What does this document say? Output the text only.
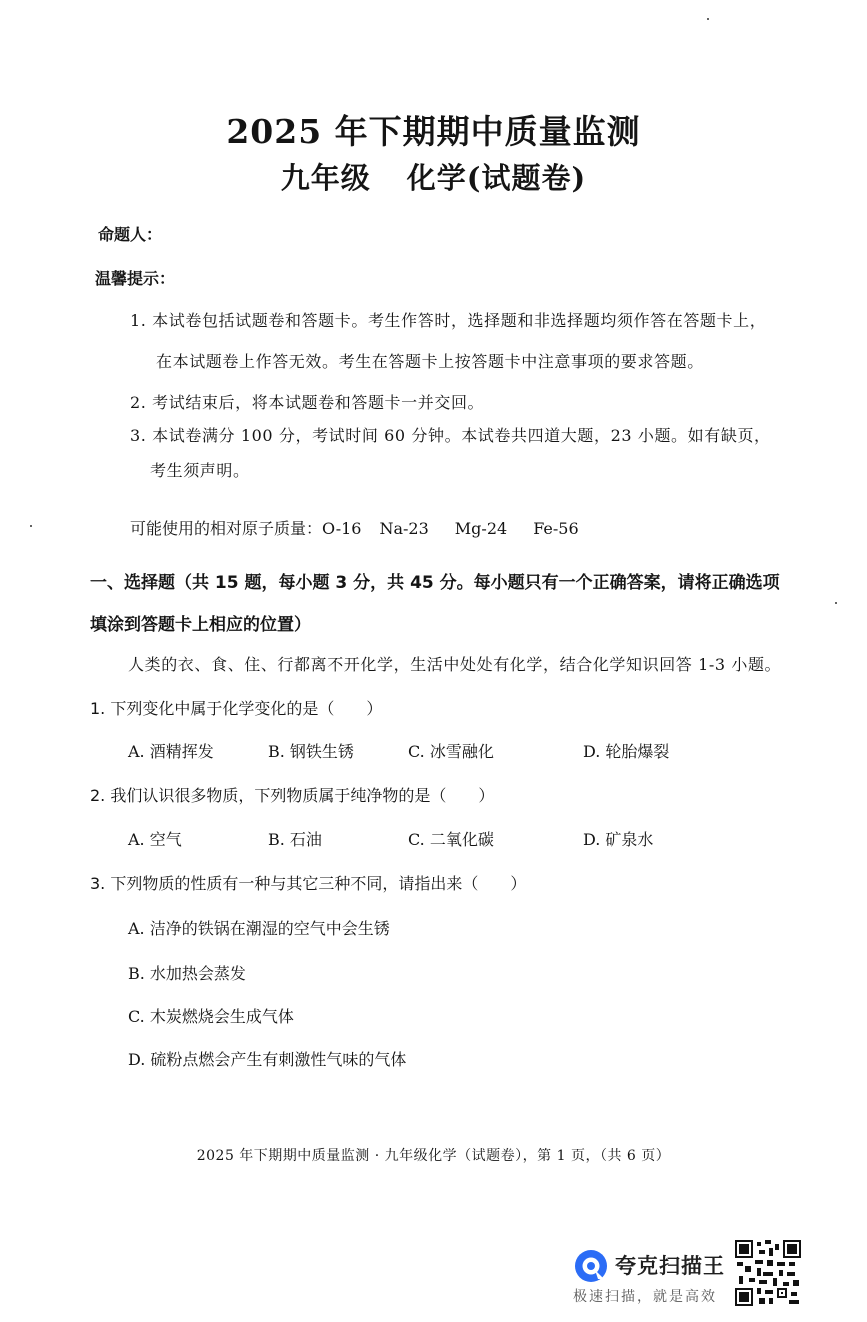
2025 年下期期中质量监测
九年级 化学(试题卷)
命题人：
温馨提示：
1. 本试卷包括试题卷和答题卡。考生作答时，选择题和非选择题均须作答在答题卡上，
在本试题卷上作答无效。考生在答题卡上按答题卡中注意事项的要求答题。
2. 考试结束后，将本试题卷和答题卡一并交回。
3. 本试卷满分 100 分，考试时间 60 分钟。本试卷共四道大题，23 小题。如有缺页，
考生须声明。
可能使用的相对原子质量：O-16 Na-23 Mg-24 Fe-56
一、选择题（共 15 题，每小题 3 分，共 45 分。每小题只有一个正确答案，请将正确选项
填涂到答题卡上相应的位置）
人类的衣、食、住、行都离不开化学，生活中处处有化学，结合化学知识回答 1-3 小题。
1. 下列变化中属于化学变化的是（　　）
A. 酒精挥发	B. 钢铁生锈	C. 冰雪融化	D. 轮胎爆裂
2. 我们认识很多物质，下列物质属于纯净物的是（　　）
A. 空气	B. 石油	C. 二氧化碳	D. 矿泉水
3. 下列物质的性质有一种与其它三种不同，请指出来（　　）
A. 洁净的铁锅在潮湿的空气中会生锈
B. 水加热会蒸发
C. 木炭燃烧会生成气体
D. 硫粉点燃会产生有刺激性气味的气体
2025 年下期期中质量监测 · 九年级化学（试题卷），第 1 页，（共 6 页）
夸克扫描王
极速扫描，就是高效
